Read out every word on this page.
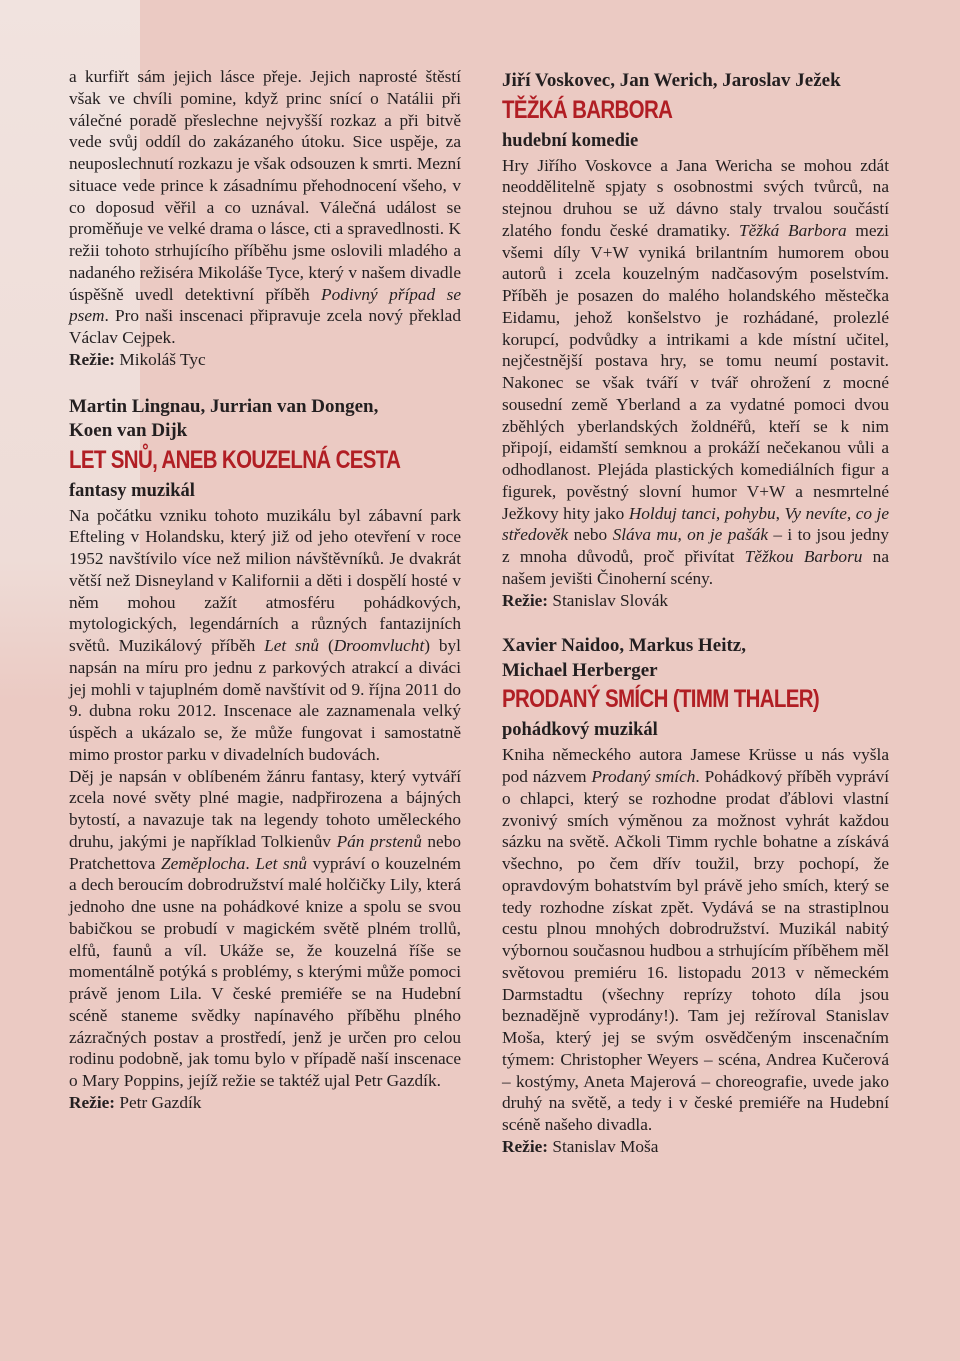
a kurfiřt sám jejich lásce přeje. Jejich naprosté štěstí však ve chvíli pomine, když princ snící o Natálii při válečné poradě přeslechne nejvyšší rozkaz a při bitvě vede svůj oddíl do zakázaného útoku. Sice uspěje, za neuposlechnutí rozkazu je však odsouzen k smrti. Mezní situace vede prince k zásadnímu přehodnocení všeho, v co doposud věřil a co uznával. Válečná událost se proměňuje ve velké drama o lásce, cti a spravedlnosti. K režii tohoto strhujícího příběhu jsme oslovili mladého a nadaného režiséra Mikoláše Tyce, který v našem divadle úspěšně uvedl detektivní příběh Podivný případ se psem. Pro naši inscenaci připravuje zcela nový překlad Václav Cejpek.

Režie: Mikoláš Tyc

Martin Lingnau, Jurrian van Dongen,
Koen van Dijk
LET SNŮ, ANEB KOUZELNÁ CESTA
fantasy muzikál

Na počátku vzniku tohoto muzikálu byl zábavní park Efteling v Holandsku, který již od jeho otevření v roce 1952 navštívilo více než milion návštěvníků. Je dvakrát větší než Disneyland v Kalifornii a děti i dospělí hosté v něm mohou zažít atmosféru pohádkových, mytologických, legendárních a různých fantazijních světů. Muzikálový příběh Let snů (Droomvlucht) byl napsán na míru pro jednu z parkových atrakcí a diváci jej mohli v tajuplném domě navštívit od 9. října 2011 do 9. dubna roku 2012. Inscenace ale zaznamenala velký úspěch a ukázalo se, že může fungovat i samostatně mimo prostor parku v divadelních budovách.

Děj je napsán v oblíbeném žánru fantasy, který vytváří zcela nové světy plné magie, nadpřirozena a bájných bytostí, a navazuje tak na legendy tohoto uměleckého druhu, jakými je například Tolkienův Pán prstenů nebo Pratchettova Zeměplocha. Let snů vypráví o kouzelném a dech beroucím dobrodružství malé holčičky Lily, která jednoho dne usne na pohádkové knize a spolu se svou babičkou se probudí v magickém světě plném trollů, elfů, faunů a víl. Ukáže se, že kouzelná říše se momentálně potýká s problémy, s kterými může pomoci právě jenom Lila. V české premiéře se na Hudební scéně staneme svědky napínavého příběhu plného zázračných postav a prostředí, jenž je určen pro celou rodinu podobně, jak tomu bylo v případě naší inscenace o Mary Poppins, jejíž režie se taktéž ujal Petr Gazdík.

Režie: Petr Gazdík

Jiří Voskovec, Jan Werich, Jaroslav Ježek
TĚŽKÁ BARBORA
hudební komedie

Hry Jiřího Voskovce a Jana Wericha se mohou zdát neoddělitelně spjaty s osobnostmi svých tvůrců, na stejnou druhou se už dávno staly trvalou součástí zlatého fondu české dramatiky. Těžká Barbora mezi všemi díly V+W vyniká brilantním humorem obou autorů i zcela kouzelným nadčasovým poselstvím. Příběh je posazen do malého holandského městečka Eidamu, jehož konšelstvo je rozhádané, prolezlé korupcí, podvůdky a intrikami a kde místní učitel, nejčestnější postava hry, se tomu neumí postavit. Nakonec se však tváří v tvář ohrožení z mocné sousední země Yberland a za vydatné pomoci dvou zběhlých yberlandských žoldnéřů, kteří se k nim připojí, eidamští semknou a prokáží nečekanou vůli a odhodlanost. Plejáda plastických komediálních figur a figurek, pověstný slovní humor V+W a nesmrtelné Ježkovy hity jako Holduj tanci, pohybu, Vy nevíte, co je středověk nebo Sláva mu, on je pašák – i to jsou jedny z mnoha důvodů, proč přivítat Těžkou Barboru na našem jevišti Činoherní scény.

Režie: Stanislav Slovák

Xavier Naidoo, Markus Heitz,
Michael Herberger
PRODANÝ SMÍCH (TIMM THALER)
pohádkový muzikál

Kniha německého autora Jamese Krüsse u nás vyšla pod názvem Prodaný smích. Pohádkový příběh vypráví o chlapci, který se rozhodne prodat ďáblovi vlastní zvonivý smích výměnou za možnost vyhrát každou sázku na světě. Ačkoli Timm rychle bohatne a získává všechno, po čem dřív toužil, brzy pochopí, že opravdovým bohatstvím byl právě jeho smích, který se tedy rozhodne získat zpět. Vydává se na strastiplnou cestu plnou mnohých dobrodružství. Muzikál nabitý výbornou současnou hudbou a strhujícím příběhem měl světovou premiéru 16. listopadu 2013 v německém Darmstadtu (všechny reprízy tohoto díla jsou beznadějně vyprodány!). Tam jej režíroval Stanislav Moša, který jej se svým osvědčeným inscenačním týmem: Christopher Weyers – scéna, Andrea Kučerová – kostýmy, Aneta Majerová – choreografie, uvede jako druhý na světě, a tedy i v české premiéře na Hudební scéně našeho divadla.

Režie: Stanislav Moša
